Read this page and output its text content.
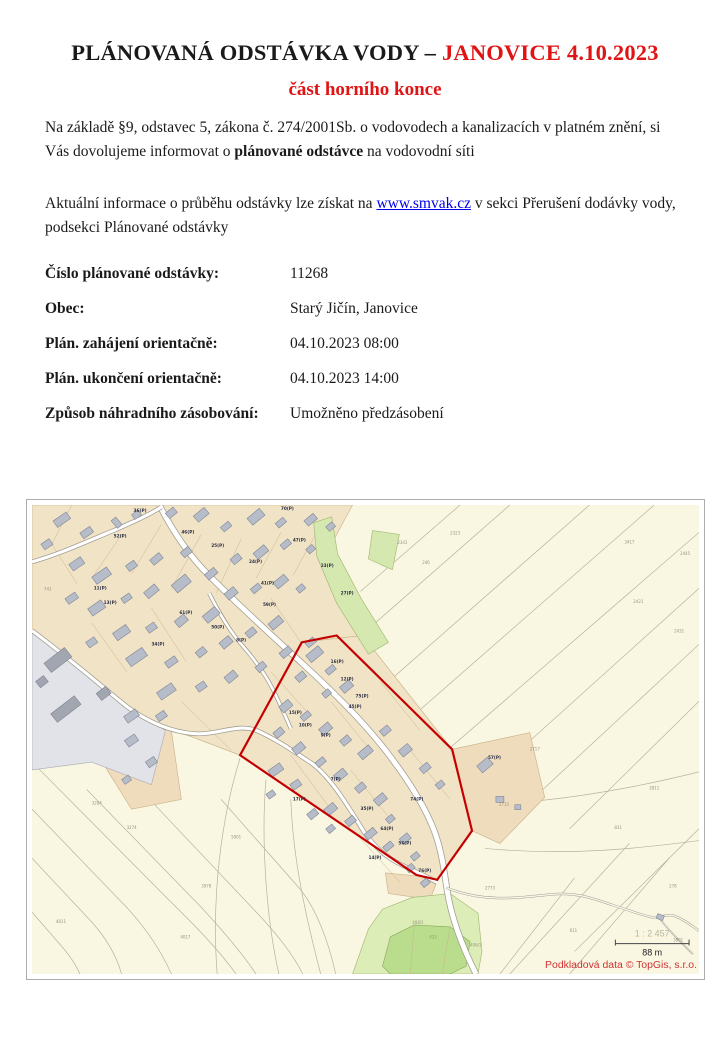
PLÁNOVANÁ ODSTÁVKA VODY – JANOVICE 4.10.2023
část horního konce

Na základě §9, odstavec 5, zákona č. 274/2001Sb. o vodovodech a kanalizacích v platném znění, si Vás dovolujeme informovat o plánované odstávce na vodovodní síti

Aktuální informace o průběhu odstávky lze získat na www.smvak.cz v sekci Přerušení dodávky vody, podsekci Plánované odstávky

Číslo plánované odstávky:	11268
Obec:	Starý Jičín, Janovice
Plán. zahájení orientačně:	04.10.2023 08:00
Plán. ukončení orientačně:	04.10.2023 14:00
Způsob náhradního zásobování:	Umožněno předzásobení
3417
2445
2421
2431
2343
246
2323
2715
2773
2717
831
278
741
3274
4811
4017
408/1
433
406/1
3801
3284
5901
3978
611
2811
70(P)
36(P)
52(P)
46(P)
25(P)
24(P)
47(P)
23(P)
41(P)
27(P)
11(P)
13(P)
61(P)
50(P)
8(P)
34(P)
59(P)
16(P)
12(P)
75(P)
45(P)
15(P)
10(P)
9(P)
57(P)
7(P)
17(P)
35(P)
64(P)
56(P)
14(P)
74(P)
76(P)
1 : 2 457
88 m
Podkladová data © TopGis, s.r.o.
